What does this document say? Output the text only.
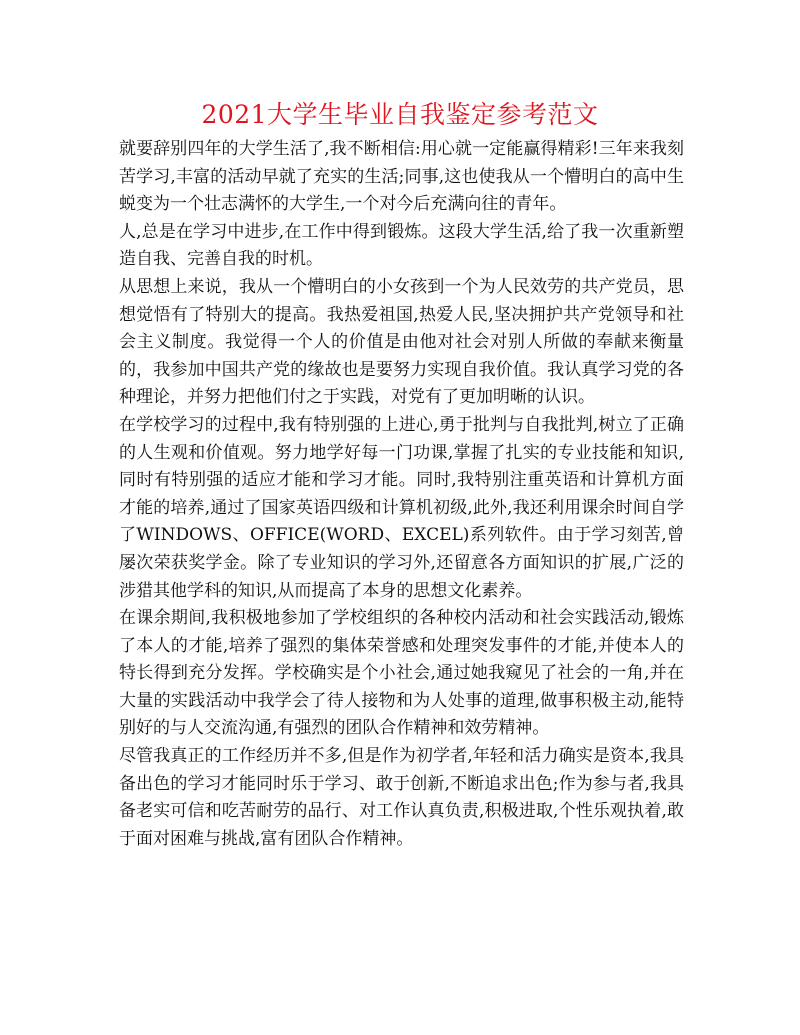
2021大学生毕业自我鉴定参考范文

就要辞别四年的大学生活了,我不断相信:用心就一定能赢得精彩!三年来我刻苦学习,丰富的活动早就了充实的生活;同事,这也使我从一个懵明白的高中生蜕变为一个壮志满怀的大学生,一个对今后充满向往的青年。

人,总是在学习中进步,在工作中得到锻炼。这段大学生活,给了我一次重新塑造自我、完善自我的时机。

从思想上来说，我从一个懵明白的小女孩到一个为人民效劳的共产党员，思想觉悟有了特别大的提高。我热爱祖国,热爱人民,坚决拥护共产党领导和社会主义制度。我觉得一个人的价值是由他对社会对别人所做的奉献来衡量的，我参加中国共产党的缘故也是要努力实现自我价值。我认真学习党的各种理论，并努力把他们付之于实践，对党有了更加明晰的认识。

在学校学习的过程中,我有特别强的上进心,勇于批判与自我批判,树立了正确的人生观和价值观。努力地学好每一门功课,掌握了扎实的专业技能和知识,同时有特别强的适应才能和学习才能。同时,我特别注重英语和计算机方面才能的培养,通过了国家英语四级和计算机初级,此外,我还利用课余时间自学了WINDOWS、OFFICE(WORD、EXCEL)系列软件。由于学习刻苦,曾屡次荣获奖学金。除了专业知识的学习外,还留意各方面知识的扩展,广泛的涉猎其他学科的知识,从而提高了本身的思想文化素养。

在课余期间,我积极地参加了学校组织的各种校内活动和社会实践活动,锻炼了本人的才能,培养了强烈的集体荣誉感和处理突发事件的才能,并使本人的特长得到充分发挥。学校确实是个小社会,通过她我窥见了社会的一角,并在大量的实践活动中我学会了待人接物和为人处事的道理,做事积极主动,能特别好的与人交流沟通,有强烈的团队合作精神和效劳精神。

尽管我真正的工作经历并不多,但是作为初学者,年轻和活力确实是资本,我具备出色的学习才能同时乐于学习、敢于创新,不断追求出色;作为参与者,我具备老实可信和吃苦耐劳的品行、对工作认真负责,积极进取,个性乐观执着,敢于面对困难与挑战,富有团队合作精神。
